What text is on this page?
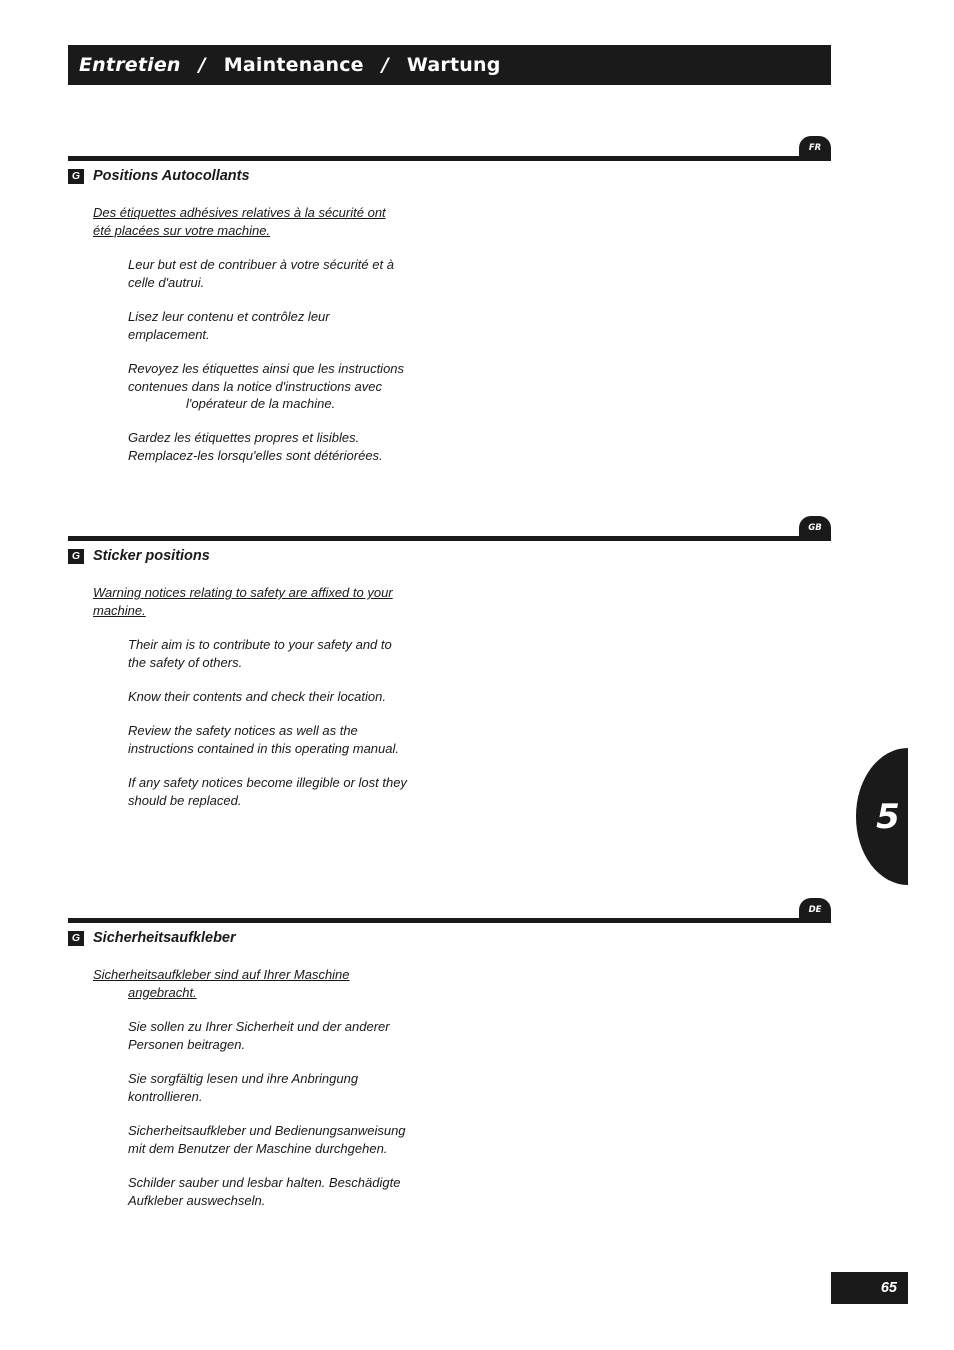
Entretien / Maintenance / Wartung
FR
G Positions Autocollants
Des étiquettes adhésives relatives à la sécurité ont
été placées sur votre machine.
Leur but est de contribuer à votre sécurité et à
celle d'autrui.
Lisez leur contenu et contrôlez leur
emplacement.
Revoyez les étiquettes ainsi que les instructions
contenues dans la notice d'instructions avec
l'opérateur de la machine.
Gardez les étiquettes propres et lisibles.
Remplacez-les lorsqu'elles sont détériorées.
GB
G Sticker positions
Warning notices relating to safety are affixed to your
machine.
Their aim is to contribute to your safety and to
the safety of others.
Know their contents and check their location.
Review the safety notices as well as the
instructions contained in this operating manual.
If any safety notices become illegible or lost they
should be replaced.
DE
G Sicherheitsaufkleber
Sicherheitsaufkleber sind auf Ihrer Maschine
angebracht.
Sie sollen zu Ihrer Sicherheit und der anderer
Personen beitragen.
Sie sorgfältig lesen und ihre Anbringung
kontrollieren.
Sicherheitsaufkleber und Bedienungsanweisung
mit dem Benutzer der Maschine durchgehen.
Schilder sauber und lesbar halten. Beschädigte
Aufkleber auswechseln.
5
65
